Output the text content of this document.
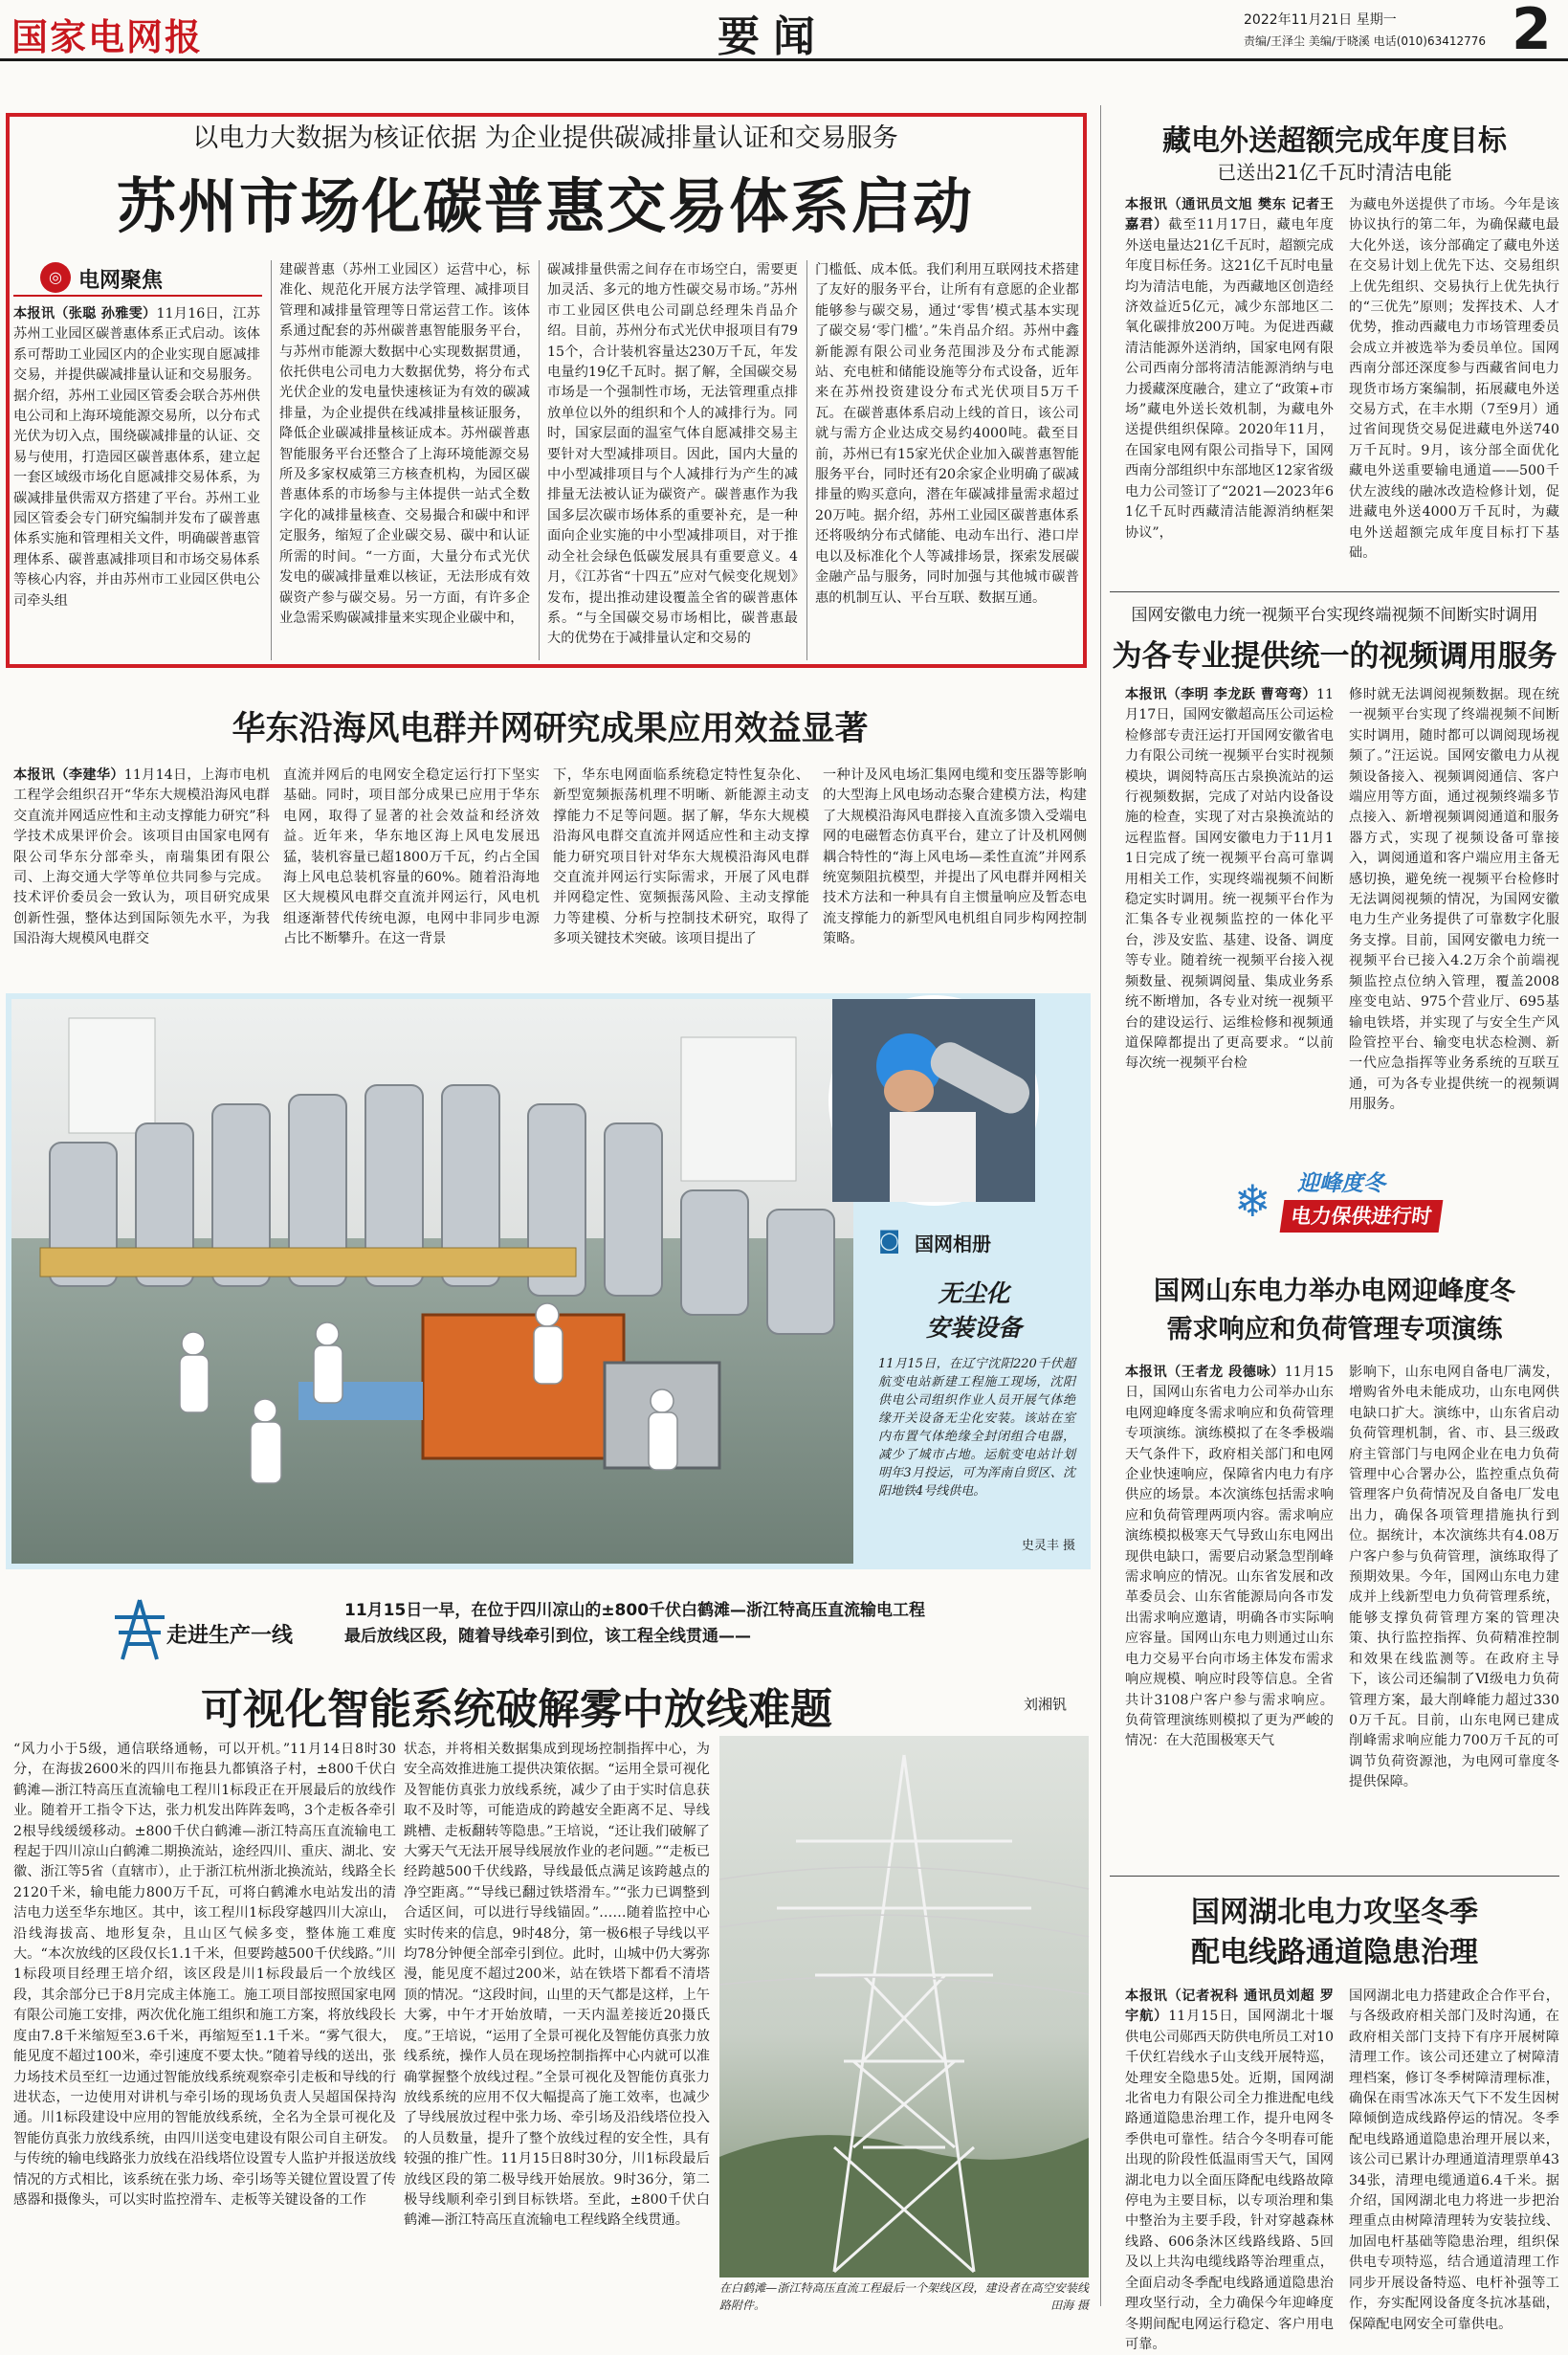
国家电网报	要闻	2022年11月21日 星期一
责编/王泽尘 美编/于晓溪 电话(010)63412776 2
以电力大数据为核证依据 为企业提供碳减排量认证和交易服务
苏州市场化碳普惠交易体系启动
◎ 电网聚焦
本报讯（张聪 孙雅雯）11月16日，江苏苏州工业园区碳普惠体系正式启动。该体系可帮助工业园区内的企业实现自愿减排交易，并提供碳减排量认证和交易服务。据介绍，苏州工业园区管委会联合苏州供电公司和上海环境能源交易所，以分布式光伏为切入点，围绕碳减排量的认证、交易与使用，打造园区碳普惠体系，建立起一套区域级市场化自愿减排交易体系，为碳减排量供需双方搭建了平台。苏州工业园区管委会专门研究编制并发布了碳普惠体系实施和管理相关文件，明确碳普惠管理体系、碳普惠减排项目和市场交易体系等核心内容，并由苏州市工业园区供电公司牵头组
建碳普惠（苏州工业园区）运营中心，标准化、规范化开展方法学管理、减排项目管理和减排量管理等日常运营工作。该体系通过配套的苏州碳普惠智能服务平台，与苏州市能源大数据中心实现数据贯通，依托供电公司电力大数据优势，将分布式光伏企业的发电量快速核证为有效的碳减排量，为企业提供在线减排量核证服务，降低企业碳减排量核证成本。苏州碳普惠智能服务平台还整合了上海环境能源交易所及多家权威第三方核查机构，为园区碳普惠体系的市场参与主体提供一站式全数字化的减排量核查、交易撮合和碳中和评定服务，缩短了企业碳交易、碳中和认证所需的时间。“一方面，大量分布式光伏发电的碳减排量难以核证，无法形成有效碳资产参与碳交易。另一方面，有许多企业急需采购碳减排量来实现企业碳中和，
碳减排量供需之间存在市场空白，需要更加灵活、多元的地方性碳交易市场。”苏州市工业园区供电公司副总经理朱肖品介绍。目前，苏州分布式光伏申报项目有7915个，合计装机容量达230万千瓦，年发电量约19亿千瓦时。据了解，全国碳交易市场是一个强制性市场，无法管理重点排放单位以外的组织和个人的减排行为。同时，国家层面的温室气体自愿减排交易主要针对大型减排项目。因此，国内大量的中小型减排项目与个人减排行为产生的减排量无法被认证为碳资产。碳普惠作为我国多层次碳市场体系的重要补充，是一种面向企业实施的中小型减排项目，对于推动全社会绿色低碳发展具有重要意义。4月，《江苏省“十四五”应对气候变化规划》发布，提出推动建设覆盖全省的碳普惠体系。“与全国碳交易市场相比，碳普惠最大的优势在于减排量认定和交易的
门槛低、成本低。我们利用互联网技术搭建了友好的服务平台，让所有有意愿的企业都能够参与碳交易，通过‘零售’模式基本实现了碳交易‘零门槛’。”朱肖品介绍。苏州中鑫新能源有限公司业务范围涉及分布式能源站、充电桩和储能设施等分布式设备，近年来在苏州投资建设分布式光伏项目5万千瓦。在碳普惠体系启动上线的首日，该公司就与需方企业达成交易约4000吨。截至目前，苏州已有15家光伏企业加入碳普惠智能服务平台，同时还有20余家企业明确了碳减排量的购买意向，潜在年碳减排量需求超过20万吨。据介绍，苏州工业园区碳普惠体系还将吸纳分布式储能、电动车出行、港口岸电以及标准化个人等减排场景，探索发展碳金融产品与服务，同时加强与其他城市碳普惠的机制互认、平台互联、数据互通。
藏电外送超额完成年度目标
已送出21亿千瓦时清洁电能
本报讯（通讯员文旭 樊东 记者王嘉君）截至11月17日，藏电年度外送电量达21亿千瓦时，超额完成年度目标任务。这21亿千瓦时电量均为清洁电能，为西藏地区创造经济效益近5亿元，减少东部地区二氧化碳排放200万吨。为促进西藏清洁能源外送消纳，国家电网有限公司西南分部将清洁能源消纳与电力援藏深度融合，建立了“政策+市场”藏电外送长效机制，为藏电外送提供组织保障。2020年11月，在国家电网有限公司指导下，国网西南分部组织中东部地区12家省级电力公司签订了“2021—2023年61亿千瓦时西藏清洁能源消纳框架协议”，
为藏电外送提供了市场。今年是该协议执行的第二年，为确保藏电最大化外送，该分部确定了藏电外送在交易计划上优先下达、交易组织上优先组织、交易执行上优先执行的“三优先”原则；发挥技术、人才优势，推动西藏电力市场管理委员会成立并被选举为委员单位。国网西南分部还深度参与西藏省间电力现货市场方案编制，拓展藏电外送交易方式，在丰水期（7至9月）通过省间现货交易促进藏电外送740万千瓦时。9月，该分部全面优化藏电外送重要输电通道——500千伏左波线的融冰改造检修计划，促进藏电外送4000万千瓦时，为藏电外送超额完成年度目标打下基础。
国网安徽电力统一视频平台实现终端视频不间断实时调用
为各专业提供统一的视频调用服务
本报讯（李明 李龙跃 曹弯弯）11月17日，国网安徽超高压公司运检检修部专责汪运打开国网安徽省电力有限公司统一视频平台实时视频模块，调阅特高压古泉换流站的运行视频数据，完成了对站内设备设施的检查，实现了对古泉换流站的远程监督。国网安徽电力于11月11日完成了统一视频平台高可靠调用相关工作，实现终端视频不间断稳定实时调用。统一视频平台作为汇集各专业视频监控的一体化平台，涉及安监、基建、设备、调度等专业。随着统一视频平台接入视频数量、视频调阅量、集成业务系统不断增加，各专业对统一视频平台的建设运行、运维检修和视频通道保障都提出了更高要求。“以前每次统一视频平台检
修时就无法调阅视频数据。现在统一视频平台实现了终端视频不间断实时调用，随时都可以调阅现场视频了。”汪运说。国网安徽电力从视频设备接入、视频调阅通信、客户端应用等方面，通过视频终端多节点接入、新增视频调阅通道和服务器方式，实现了视频设备可靠接入，调阅通道和客户端应用主备无感切换，避免统一视频平台检修时无法调阅视频的情况，为国网安徽电力生产业务提供了可靠数字化服务支撑。目前，国网安徽电力统一视频平台已接入4.2万余个前端视频监控点位纳入管理，覆盖2008座变电站、975个营业厅、695基输电铁塔，并实现了与安全生产风险管控平台、输变电状态检测、新一代应急指挥等业务系统的互联互通，可为各专业提供统一的视频调用服务。
❄ 迎峰度冬
电力保供进行时
国网山东电力举办电网迎峰度冬
需求响应和负荷管理专项演练
本报讯（王者龙 段德咏）11月15日，国网山东省电力公司举办山东电网迎峰度冬需求响应和负荷管理专项演练。演练模拟了在冬季极端天气条件下，政府相关部门和电网企业快速响应，保障省内电力有序供应的场景。本次演练包括需求响应和负荷管理两项内容。需求响应演练模拟极寒天气导致山东电网出现供电缺口，需要启动紧急型削峰需求响应的情况。山东省发展和改革委员会、山东省能源局向各市发出需求响应邀请，明确各市实际响应容量。国网山东电力则通过山东电力交易平台向市场主体发布需求响应规模、响应时段等信息。全省共计3108户客户参与需求响应。负荷管理演练则模拟了更为严峻的情况：在大范围极寒天气
影响下，山东电网自备电厂满发，增购省外电未能成功，山东电网供电缺口扩大。演练中，山东省启动负荷管理机制，省、市、县三级政府主管部门与电网企业在电力负荷管理中心合署办公，监控重点负荷管理客户负荷情况及自备电厂发电出力，确保各项管理措施执行到位。据统计，本次演练共有4.08万户客户参与负荷管理，演练取得了预期效果。今年，国网山东电力建成并上线新型电力负荷管理系统，能够支撑负荷管理方案的管理决策、执行监控指挥、负荷精准控制和效果在线监测等。在政府主导下，该公司还编制了Ⅵ级电力负荷管理方案，最大削峰能力超过3300万千瓦。目前，山东电网已建成削峰需求响应能力700万千瓦的可调节负荷资源池，为电网可靠度冬提供保障。
国网湖北电力攻坚冬季
配电线路通道隐患治理
本报讯（记者祝科 通讯员刘超 罗宇航）11月15日，国网湖北十堰供电公司郧西天防供电所员工对10千伏红岩线水子山支线开展特巡，处理安全隐患5处。近期，国网湖北省电力有限公司全力推进配电线路通道隐患治理工作，提升电网冬季供电可靠性。结合今冬明春可能出现的阶段性低温雨雪天气，国网湖北电力以全面压降配电线路故障停电为主要目标，以专项治理和集中整治为主要手段，针对穿越森林线路、606条沐区线路线路、5回及以上共沟电缆线路等治理重点，全面启动冬季配电线路通道隐患治理攻坚行动，全力确保今年迎峰度冬期间配电网运行稳定、客户用电可靠。
国网湖北电力搭建政企合作平台，与各级政府相关部门及时沟通，在政府相关部门支持下有序开展树障清理工作。该公司还建立了树障清理档案，修订冬季树障清理标准，确保在雨雪冰冻天气下不发生因树障倾倒造成线路停运的情况。冬季配电线路通道隐患治理开展以来，该公司已累计办理通道清理票单4334张，清理电缆通道6.4千米。据介绍，国网湖北电力将进一步把治理重点由树障清理转为安装拉线、加固电杆基础等隐患治理，组织保供电专项特巡，结合通道清理工作同步开展设备特巡、电杆补强等工作，夯实配网设备度冬抗冰基础，保障配电网安全可靠供电。
华东沿海风电群并网研究成果应用效益显著
本报讯（李建华）11月14日，上海市电机工程学会组织召开“华东大规模沿海风电群交直流并网适应性和主动支撑能力研究”科学技术成果评价会。该项目由国家电网有限公司华东分部牵头，南瑞集团有限公司、上海交通大学等单位共同参与完成。技术评价委员会一致认为，项目研究成果创新性强，整体达到国际领先水平，为我国沿海大规模风电群交
直流并网后的电网安全稳定运行打下坚实基础。同时，项目部分成果已应用于华东电网，取得了显著的社会效益和经济效益。近年来，华东地区海上风电发展迅猛，装机容量已超1800万千瓦，约占全国海上风电总装机容量的60%。随着沿海地区大规模风电群交直流并网运行，风电机组逐渐替代传统电源，电网中非同步电源占比不断攀升。在这一背景
下，华东电网面临系统稳定特性复杂化、新型宽频振荡机理不明晰、新能源主动支撑能力不足等问题。据了解，华东大规模沿海风电群交直流并网适应性和主动支撑能力研究项目针对华东大规模沿海风电群交直流并网运行实际需求，开展了风电群并网稳定性、宽频振荡风险、主动支撑能力等建模、分析与控制技术研究，取得了多项关键技术突破。该项目提出了
一种计及风电场汇集网电缆和变压器等影响的大型海上风电场动态聚合建模方法，构建了大规模沿海风电群接入直流多馈入受端电网的电磁暂态仿真平台，建立了计及机网侧耦合特性的“海上风电场—柔性直流”并网系统宽频阻抗模型，并提出了风电群并网相关技术方法和一种具有自主惯量响应及暂态电流支撑能力的新型风电机组自同步构网控制策略。
◙ 国网相册
无尘化
安装设备
11月15日，在辽宁沈阳220千伏超航变电站新建工程施工现场，沈阳供电公司组织作业人员开展气体绝缘开关设备无尘化安装。该站在室内布置气体绝缘全封闭组合电器，减少了城市占地。运航变电站计划明年3月投运，可为浑南自贸区、沈阳地铁4号线供电。
史灵丰 摄
走进生产一线
11月15日一早，在位于四川凉山的±800千伏白鹤滩—浙江特高压直流输电工程
最后放线区段，随着导线牵引到位，该工程全线贯通——
可视化智能系统破解雾中放线难题	刘湘钒
“风力小于5级，通信联络通畅，可以开机。”11月14日8时30分，在海拔2600米的四川布拖县九都镇洛子村，±800千伏白鹤滩—浙江特高压直流输电工程川1标段正在开展最后的放线作业。随着开工指令下达，张力机发出阵阵轰鸣，3个走板各牵引2根导线缓缓移动。±800千伏白鹤滩—浙江特高压直流输电工程起于四川凉山白鹤滩二期换流站，途经四川、重庆、湖北、安徽、浙江等5省（直辖市），止于浙江杭州浙北换流站，线路全长2120千米，输电能力800万千瓦，可将白鹤滩水电站发出的清洁电力送至华东地区。其中，该工程川1标段穿越四川大凉山，沿线海拔高、地形复杂，且山区气候多变，整体施工难度大。“本次放线的区段仅长1.1千米，但要跨越500千伏线路。”川1标段项目经理王培介绍，该区段是川1标段最后一个放线区段，其余部分已于8月完成主体施工。施工项目部按照国家电网有限公司施工安排，两次优化施工组织和施工方案，将放线段长度由7.8千米缩短至3.6千米，再缩短至1.1千米。“雾气很大，能见度不超过100米，牵引速度不要太快。”随着导线的送出，张力场技术员至红一边通过智能放线系统观察牵引走板和导线的行进状态，一边使用对讲机与牵引场的现场负责人吴超国保持沟通。川1标段建设中应用的智能放线系统，全名为全景可视化及智能仿真张力放线系统，由四川送变电建设有限公司自主研发。与传统的输电线路张力放线在沿线塔位设置专人监护并报送放线情况的方式相比，该系统在张力场、牵引场等关键位置设置了传感器和摄像头，可以实时监控滑车、走板等关键设备的工作
状态，并将相关数据集成到现场控制指挥中心，为安全高效推进施工提供决策依据。“运用全景可视化及智能仿真张力放线系统，减少了由于实时信息获取不及时等，可能造成的跨越安全距离不足、导线跳槽、走板翻转等隐患。”王培说，“还让我们破解了大雾天气无法开展导线展放作业的老问题。”“走板已经跨越500千伏线路，导线最低点满足该跨越点的净空距离。”“导线已翻过铁塔滑车。”“张力已调整到合适区间，可以进行导线锚固。”……随着监控中心实时传来的信息，9时48分，第一极6根子导线以平均78分钟便全部牵引到位。此时，山城中仍大雾弥漫，能见度不超过200米，站在铁塔下都看不清塔顶的情况。“这段时间，山里的天气都是这样，上午大雾，中午才开始放晴，一天内温差接近20摄氏度。”王培说，“运用了全景可视化及智能仿真张力放线系统，操作人员在现场控制指挥中心内就可以准确掌握整个放线过程。”全景可视化及智能仿真张力放线系统的应用不仅大幅提高了施工效率，也减少了导线展放过程中张力场、牵引场及沿线塔位投入的人员数量，提升了整个放线过程的安全性，具有较强的推广性。11月15日8时30分，川1标段最后放线区段的第二极导线开始展放。9时36分，第二极导线顺利牵引到目标铁塔。至此，±800千伏白鹤滩—浙江特高压直流输电工程线路全线贯通。
在白鹤滩—浙江特高压直流工程最后一个架线区段，建设者在高空安装线路附件。	田海 摄
